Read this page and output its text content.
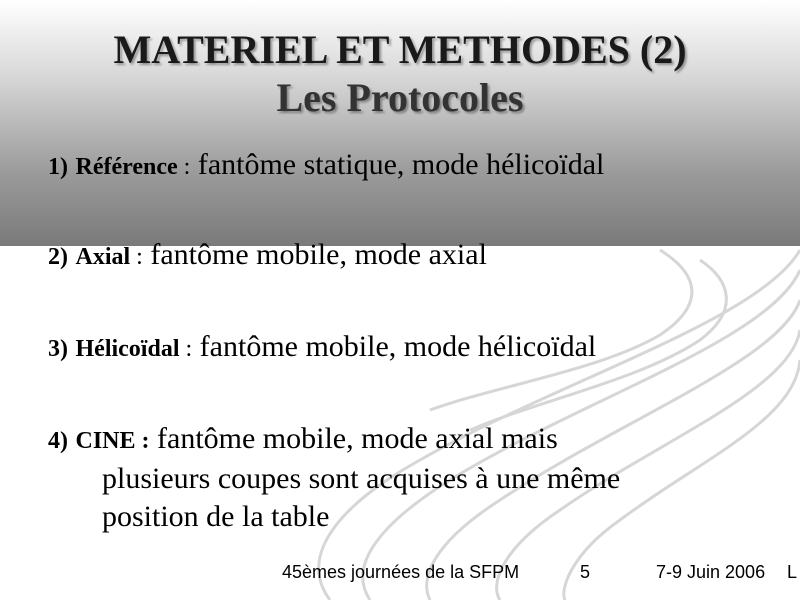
MATERIEL ET METHODES (2)
Les Protocoles
1) Référence : fantôme statique, mode hélicoïdal
2) Axial : fantôme mobile, mode axial
3) Hélicoïdal : fantôme mobile, mode hélicoïdal
4) CINE : fantôme mobile, mode axial mais
plusieurs coupes sont acquises à une même
position de la table
45èmes journées de la SFPM	5	7-9 Juin 2006 L
